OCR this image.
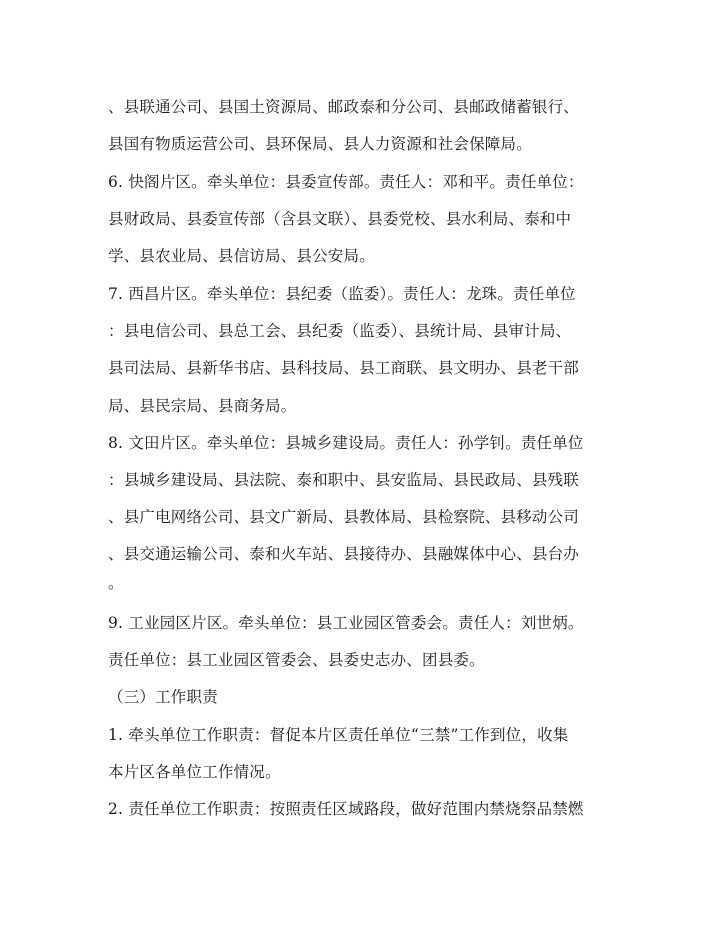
、县联通公司、县国土资源局、邮政泰和分公司、县邮政储蓄银行、
县国有物质运营公司、县环保局、县人力资源和社会保障局。
6. 快阁片区。牵头单位：县委宣传部。责任人：邓和平。责任单位：
县财政局、县委宣传部（含县文联）、县委党校、县水利局、泰和中
学、县农业局、县信访局、县公安局。
7. 西昌片区。牵头单位：县纪委（监委）。责任人：龙珠。责任单位
：县电信公司、县总工会、县纪委（监委）、县统计局、县审计局、
县司法局、县新华书店、县科技局、县工商联、县文明办、县老干部
局、县民宗局、县商务局。
8. 文田片区。牵头单位：县城乡建设局。责任人：孙学钊。责任单位
：县城乡建设局、县法院、泰和职中、县安监局、县民政局、县残联
、县广电网络公司、县文广新局、县教体局、县检察院、县移动公司
、县交通运输公司、泰和火车站、县接待办、县融媒体中心、县台办
。
9. 工业园区片区。牵头单位：县工业园区管委会。责任人：刘世炳。
责任单位：县工业园区管委会、县委史志办、团县委。
（三）工作职责
1. 牵头单位工作职责：督促本片区责任单位“三禁”工作到位，收集
本片区各单位工作情况。
2. 责任单位工作职责：按照责任区域路段，做好范围内禁烧祭品禁燃
